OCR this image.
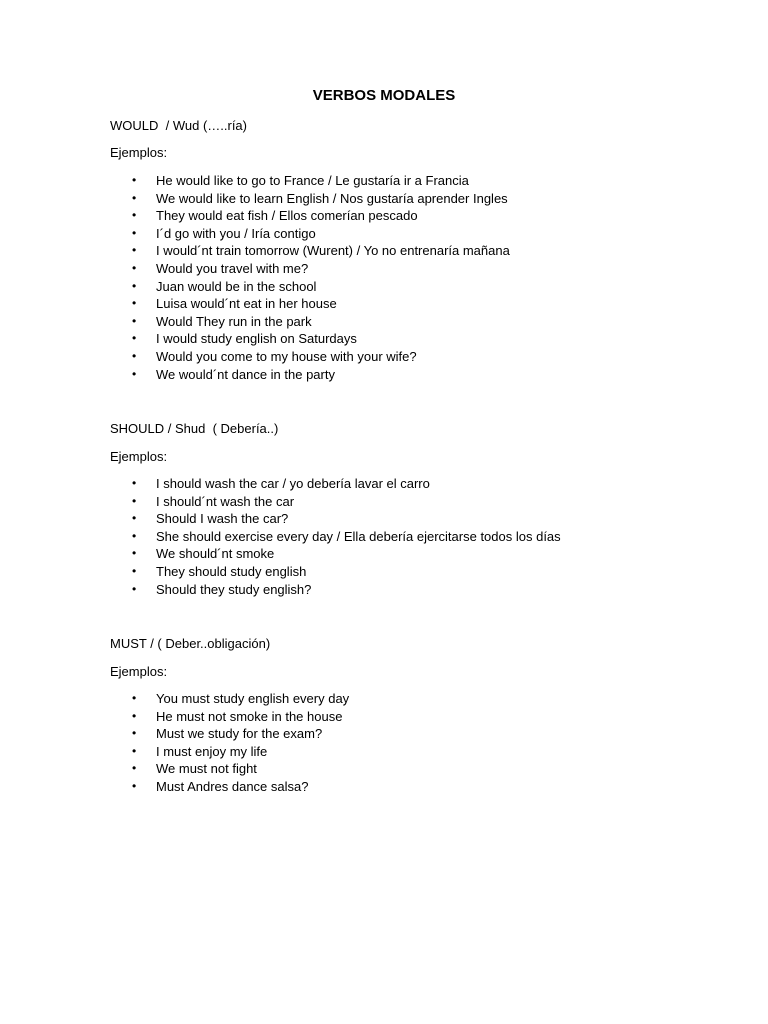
VERBOS MODALES
WOULD  / Wud (…..ría)
Ejemplos:
• He would like to go to France / Le gustaría ir a Francia
• We would like to learn English / Nos gustaría aprender Ingles
• They would eat fish / Ellos comerían pescado
• I´d go with you / Iría contigo
• I would´nt train tomorrow (Wurent) / Yo no entrenaría mañana
• Would you travel with me?
• Juan would be in the school
• Luisa would´nt eat in her house
• Would They run in the park
• I would study english on Saturdays
• Would you come to my house with your wife?
• We would´nt dance in the party
SHOULD / Shud  ( Debería..)
Ejemplos:
• I should wash the car / yo debería lavar el carro
• I should´nt wash the car
• Should I wash the car?
• She should exercise every day / Ella debería ejercitarse todos los días
• We should´nt smoke
• They should study english
• Should they study english?
MUST / ( Deber..obligación)
Ejemplos:
• You must study english every day
• He must not smoke in the house
• Must we study for the exam?
• I must enjoy my life
• We must not fight
• Must Andres dance salsa?
